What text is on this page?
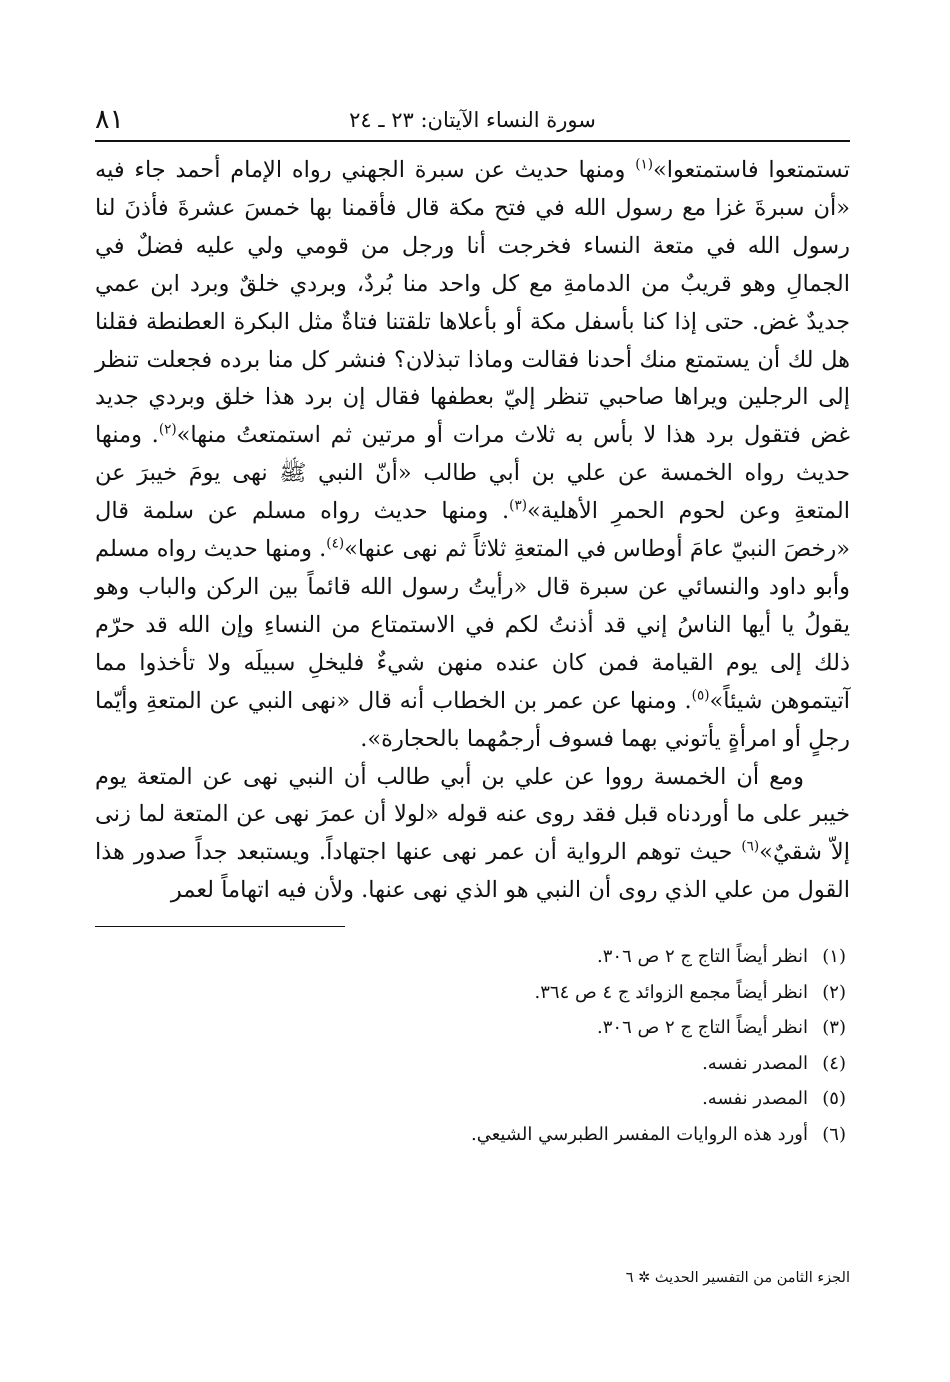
٨١	سورة النساء الآيتان: ٢٣ ـ ٢٤

تستمتعوا فاستمتعوا»$^{(١)}$ ومنها حديث عن سبرة الجهني رواه الإمام أحمد جاء فيه «أن سبرةَ غزا مع رسول الله في فتح مكة قال فأقمنا بها خمسَ عشرةَ فأذنَ لنا رسول الله في متعة النساء فخرجت أنا ورجل من قومي ولي عليه فضلٌ في الجمالِ وهو قريبٌ من الدمامةِ مع كل واحد منا بُردٌ، وبردي خلقٌ وبرد ابن عمي جديدٌ غض. حتى إذا كنا بأسفل مكة أو بأعلاها تلقتنا فتاةٌ مثل البكرة العطنطة فقلنا هل لك أن يستمتع منك أحدنا فقالت وماذا تبذلان؟ فنشر كل منا برده فجعلت تنظر إلى الرجلين ويراها صاحبي تنظر إليّ بعطفها فقال إن برد هذا خلق وبردي جديد غض فتقول برد هذا لا بأس به ثلاث مرات أو مرتين ثم استمتعتُ منها»$^{(٢)}$. ومنها حديث رواه الخمسة عن علي بن أبي طالب «أنّ النبي ﷺ نهى يومَ خيبرَ عن المتعةِ وعن لحوم الحمرِ الأهلية»$^{(٣)}$. ومنها حديث رواه مسلم عن سلمة قال «رخصَ النبيّ عامَ أوطاس في المتعةِ ثلاثاً ثم نهى عنها»$^{(٤)}$. ومنها حديث رواه مسلم وأبو داود والنسائي عن سبرة قال «رأيتُ رسول الله قائماً بين الركن والباب وهو يقولُ يا أيها الناسُ إني قد أذنتُ لكم في الاستمتاع من النساءِ وإن الله قد حرّم ذلك إلى يوم القيامة فمن كان عنده منهن شيءٌ فليخلِ سبيلَه ولا تأخذوا مما آتيتموهن شيئاً»$^{(٥)}$. ومنها عن عمر بن الخطاب أنه قال «نهى النبي عن المتعةِ وأيّما رجلٍ أو امرأةٍ يأتوني بهما فسوف أرجمُهما بالحجارة».

ومع أن الخمسة رووا عن علي بن أبي طالب أن النبي نهى عن المتعة يوم خيبر على ما أوردناه قبل فقد روى عنه قوله «لولا أن عمرَ نهى عن المتعة لما زنى إلاّ شقيٌ»$^{(٦)}$ حيث توهم الرواية أن عمر نهى عنها اجتهاداً. ويستبعد جداً صدور هذا القول من علي الذي روى أن النبي هو الذي نهى عنها. ولأن فيه اتهاماً لعمر

(١)انظر أيضاً التاج ج ٢ ص ٣٠٦.
(٢)انظر أيضاً مجمع الزوائد ج ٤ ص ٣٦٤.
(٣)انظر أيضاً التاج ج ٢ ص ٣٠٦.
(٤)المصدر نفسه.
(٥)المصدر نفسه.
(٦)أورد هذه الروايات المفسر الطبرسي الشيعي.
الجزء الثامن من التفسير الحديث ✲ ٦
